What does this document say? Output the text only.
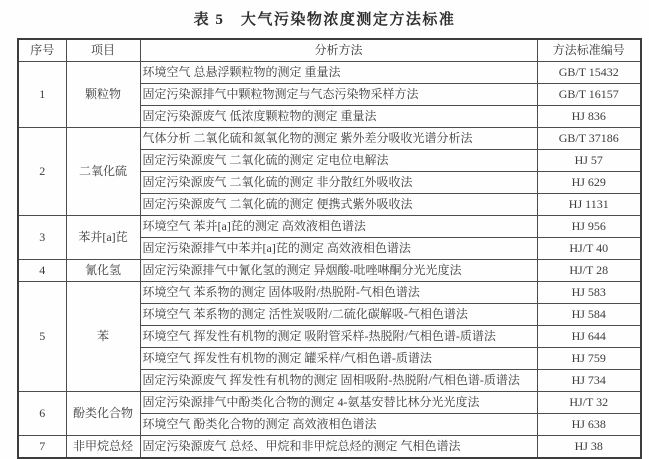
表 5　大气污染物浓度测定方法标准
序号	项目	分析方法	方法标准编号
1	颗粒物	环境空气 总悬浮颗粒物的测定 重量法	GB/T 15432
		固定污染源排气中颗粒物测定与气态污染物采样方法	GB/T 16157
		固定污染源废气 低浓度颗粒物的测定 重量法	HJ 836
2	二氧化硫	气体分析 二氧化硫和氮氧化物的测定 紫外差分吸收光谱分析法	GB/T 37186
		固定污染源废气 二氧化硫的测定 定电位电解法	HJ 57
		固定污染源废气 二氧化硫的测定 非分散红外吸收法	HJ 629
		固定污染源废气 二氧化硫的测定 便携式紫外吸收法	HJ 1131
3	苯并[a]芘	环境空气 苯并[a]芘的测定 高效液相色谱法	HJ 956
		固定污染源排气中苯并[a]芘的测定 高效液相色谱法	HJ/T 40
4	氰化氢	固定污染源排气中氰化氢的测定 异烟酸-吡唑啉酮分光光度法	HJ/T 28
5	苯	环境空气 苯系物的测定 固体吸附/热脱附-气相色谱法	HJ 583
		环境空气 苯系物的测定 活性炭吸附/二硫化碳解吸-气相色谱法	HJ 584
		环境空气 挥发性有机物的测定 吸附管采样-热脱附/气相色谱-质谱法	HJ 644
		环境空气 挥发性有机物的测定 罐采样/气相色谱-质谱法	HJ 759
		固定污染源废气 挥发性有机物的测定 固相吸附-热脱附/气相色谱-质谱法	HJ 734
6	酚类化合物	固定污染源排气中酚类化合物的测定 4-氨基安替比林分光光度法	HJ/T 32
		环境空气 酚类化合物的测定 高效液相色谱法	HJ 638
7	非甲烷总烃	固定污染源废气 总烃、甲烷和非甲烷总烃的测定 气相色谱法	HJ 38
